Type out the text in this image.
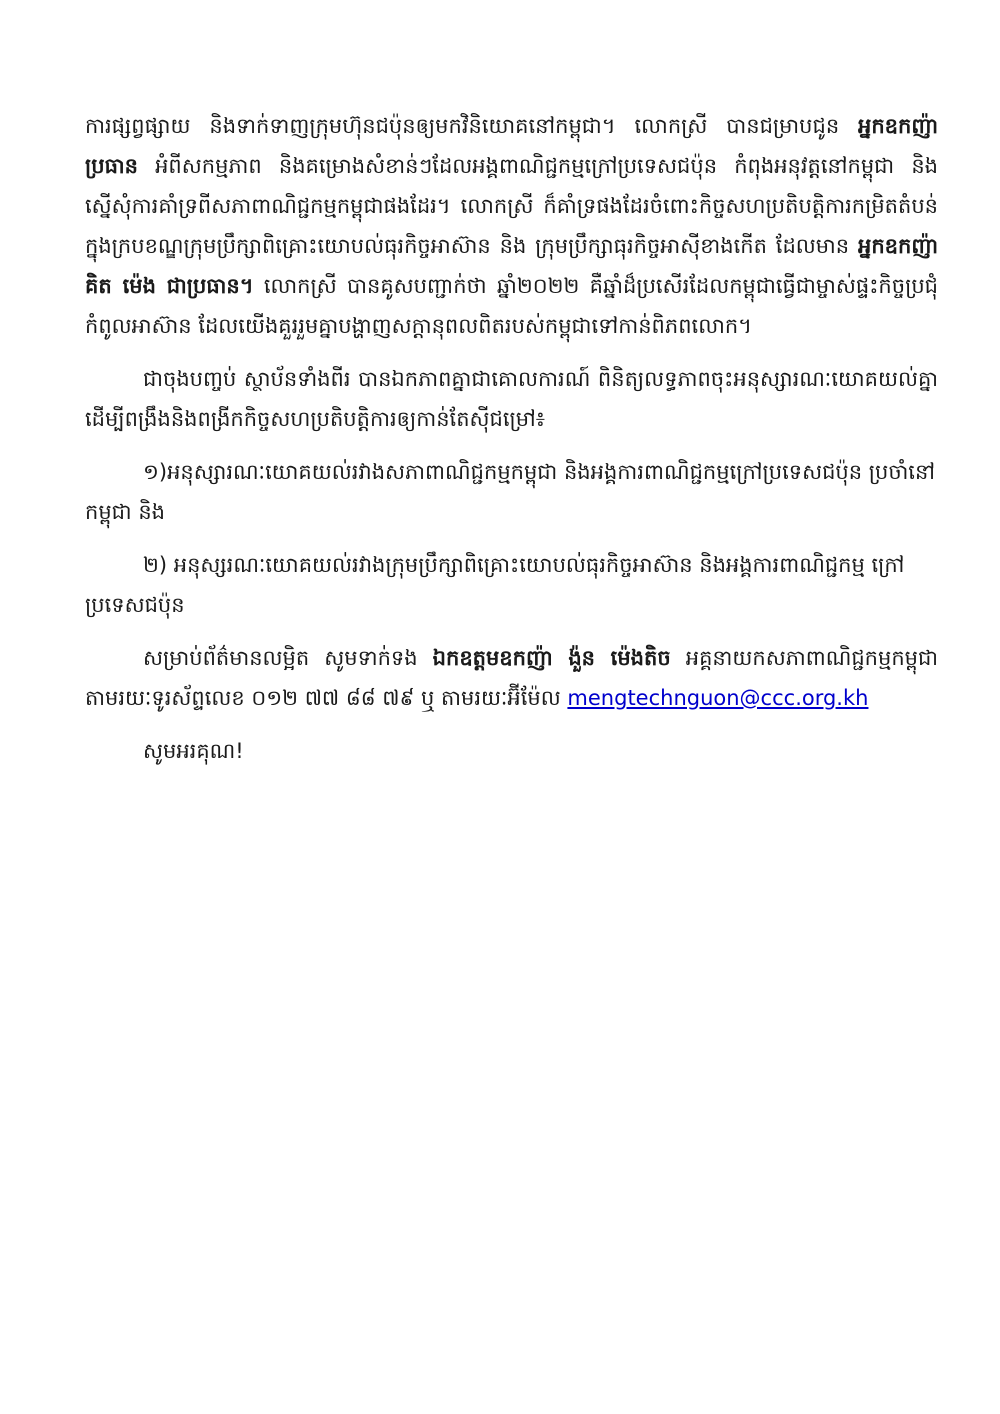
ការផ្សព្វផ្សាយ និងទាក់ទាញក្រុមហ៊ុនជប៉ុនឲ្យមកវិនិយោគនៅកម្ពុជា។ លោកស្រី បានជម្រាបជូន អ្នកឧកញ៉ាប្រធាន អំពីសកម្មភាព និងគម្រោងសំខាន់ៗដែលអង្គពាណិជ្ជកម្មក្រៅប្រទេសជប៉ុន កំពុងអនុវត្តនៅកម្ពុជា និងស្នើសុំការគាំទ្រពីសភាពាណិជ្ជកម្មកម្ពុជាផងដែរ។ លោកស្រី ក៏គាំទ្រផងដែរចំពោះកិច្ចសហប្រតិបត្តិការកម្រិតតំបន់ក្នុងក្របខណ្ឌក្រុមប្រឹក្សាពិគ្រោះយោបល់ធុរកិច្ចអាស៊ាន និង ក្រុមប្រឹក្សាធុរកិច្ចអាស៊ីខាងកើត ដែលមាន អ្នកឧកញ៉ា គិត ម៉េង ជាប្រធាន។ លោកស្រី បានគូសបញ្ជាក់ថា ឆ្នាំ២០២២ គឺឆ្នាំដ៏ប្រសើរដែលកម្ពុជាធ្វើជាម្ចាស់ផ្ទះកិច្ចប្រជុំកំពូលអាស៊ាន ដែលយើងគួររួមគ្នាបង្ហាញសក្តានុពលពិតរបស់កម្ពុជាទៅកាន់ពិភពលោក។

ជាចុងបញ្ចប់ ស្ថាប័នទាំងពីរ បានឯកភាពគ្នាជាគោលការណ៍ ពិនិត្យលទ្ធភាពចុះអនុស្សារណៈយោគយល់គ្នា ដើម្បីពង្រឹងនិងពង្រីកកិច្ចសហប្រតិបត្តិការឲ្យកាន់តែស៊ីជម្រៅ៖

១)អនុស្សារណៈយោគយល់រវាងសភាពាណិជ្ជកម្មកម្ពុជា និងអង្គការពាណិជ្ជកម្មក្រៅប្រទេសជប៉ុន ប្រចាំនៅកម្ពុជា និង

២) អនុស្សរណៈយោគយល់រវាងក្រុមប្រឹក្សាពិគ្រោះយោបល់ធុរកិច្ចអាស៊ាន និងអង្គការពាណិជ្ជកម្ម ក្រៅប្រទេសជប៉ុន

សម្រាប់ព័ត៌មានលម្អិត សូមទាក់ទង ឯកឧត្តមឧកញ៉ា ង៉ួន ម៉េងតិច អគ្គនាយកសភាពាណិជ្ជកម្មកម្ពុជា តាមរយៈទូរស័ព្ទលេខ ០១២ ៧៧ ៨៨ ៧៩ ឬ តាមរយៈអ៊ីម៉ែល mengtechnguon@ccc.org.kh

សូមអរគុណ!
